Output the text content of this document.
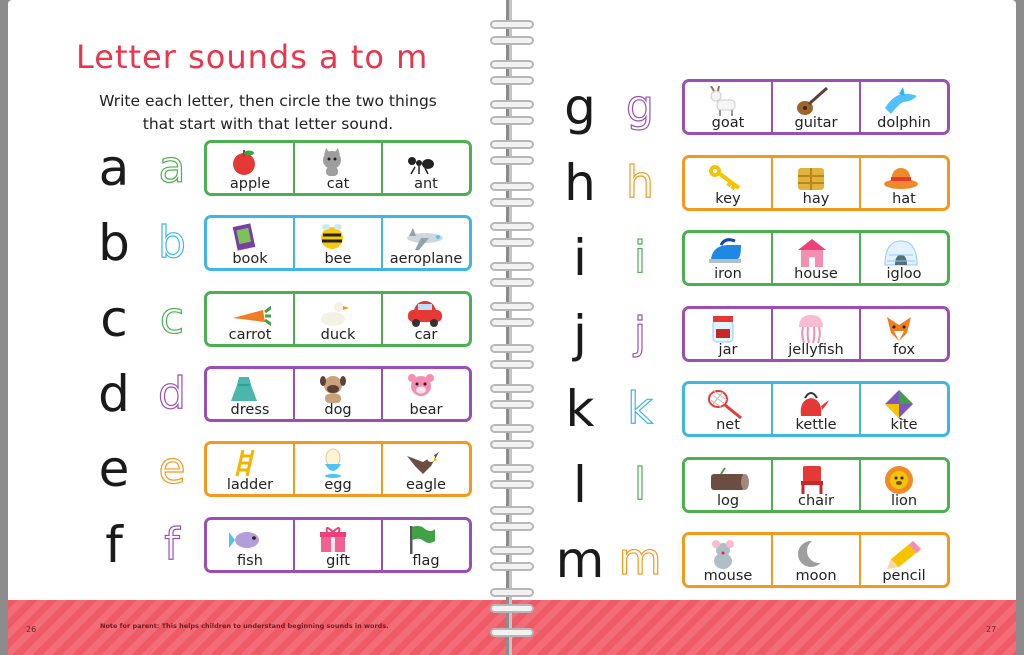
Letter sounds a to m
Write each letter, then circle the two things
that start with that letter sound.
a a	apple	cat	ant
b b	book	bee	aeroplane
c c	carrot	duck	car
d d	dress	dog	bear
e e	ladder	egg	eagle
f f	fish	gift	flag
Note for parent: This helps children to understand beginning sounds in words.
26
g g	goat	guitar	dolphin
h h	key	hay	hat
i	i	iron	house	igloo
j	j	jar	jellyfish	fox
k k	net	kettle	kite
l	l	log	chair	lion
m m	mouse	moon	pencil
27
